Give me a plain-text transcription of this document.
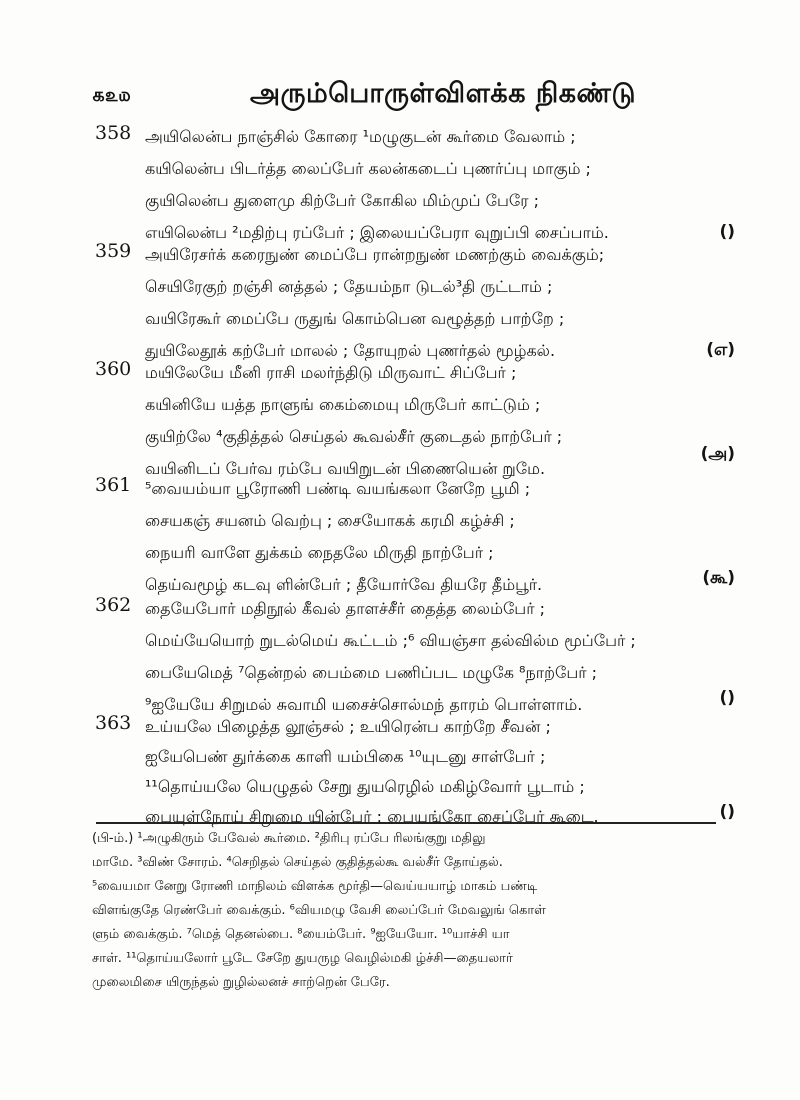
௧௨௰	அரும்பொருள்விளக்க நிகண்டு
358 அயிலென்ப நாஞ்சில் கோரை ¹மழுகுடன் கூர்மை வேலாம் ;
கயிலென்ப பிடர்த்த லைப்பேர் கலன்கடைப் புணர்ப்பு மாகும் ;
குயிலென்ப துளைமு கிற்பேர் கோகில மிம்முப் பேரே ;
எயிலென்ப ²மதிற்பு ரப்பேர் ; இலையப்பேரா வுறுப்பி சைப்பாம்.	()
359 அயிரேசர்க் கரைநுண் மைப்பே ரான்றநுண் மணற்கும் வைக்கும்;
செயிரேகுற் றஞ்சி னத்தல் ; தேயம்நா டுடல்³தி ருட்டாம் ;
வயிரேகூர் மைப்பே ருதுங் கொம்பென வழூத்தற் பாற்றே ;
துயிலேதூக் கற்பேர் மாலல் ; தோயுறல் புணர்தல் மூழ்கல்.	(எ)
360 மயிலேயே மீனி ராசி மலர்ந்திடு மிருவாட் சிப்பேர் ;
கயினியே யத்த நாளுங் கைம்மையு மிருபேர் காட்டும் ;
குயிற்லே ⁴குதித்தல் செய்தல் கூவல்சீர் குடைதல் நாற்பேர் ;
வயினிடப் பேர்வ ரம்பே வயிறுடன் பிணையென் றுமே.
(அ)
361 ⁵வையம்யா பூரோணி பண்டி வயங்கலா னேறே பூமி ;
சையகஞ் சயனம் வெற்பு ; சையோகக் கரமி கழ்ச்சி ;
நையரி வாளே துக்கம் நைதலே மிருதி நாற்பேர் ;
தெய்வமூழ் கடவு ளின்பேர் ; தீயோர்வே தியரே தீம்பூர்.	(கூ)
362 தையேபோர் மதிநூல் கீவல் தாளச்சீர் தைத்த லைம்பேர் ;
மெய்யேயொற் றுடல்மெய் கூட்டம் ;⁶ வியஞ்சா தல்வில்ம மூப்பேர் ;
பையேமெத் ⁷தென்றல் பைம்மை பணிப்பட மழுகே ⁸நாற்பேர் ;
⁹ஐயேயே சிறுமல் சுவாமி யசைச்சொல்மந் தாரம் பொள்ளாம்.	()
363 உய்யலே பிழைத்த லூஞ்சல் ; உயிரென்ப காற்றே சீவன் ;
ஐயேபெண் துர்க்கை காளி யம்பிகை ¹⁰யுடனு சாள்பேர் ;
¹¹தொய்யலே யெழுதல் சேறு துயரெழில் மகிழ்வோர் பூடாம் ;
பையுள்நோய் சிறுமை யின்பேர் ; பையங்கோ சைப்பேர் கூடை.	()
(பி-ம்.) ¹அழுகிரும் பேவேல் கூர்மை. ²திரிபு ரப்பே ரிலங்குறு மதிலு
மாமே. ³விண் சோரம். ⁴செறிதல் செய்தல் குதித்தல்கூ வல்சீர் தோய்தல்.
⁵வையமா னேறு ரோணி மாநிலம் விளக்க மூர்தி—வெய்யயாழ் மாகம் பண்டி
விளங்குதே ரெண்பேர் வைக்கும். ⁶வியமழு வேசி லைப்பேர் மேவலுங் கொள்
ளும் வைக்கும். ⁷மெத் தெனல்பை. ⁸யைம்பேர். ⁹ஐயேயோ. ¹⁰யாச்சி யா
சாள். ¹¹தொய்யலோர் பூடே சேறே துயருழ வெழில்மகி ழ்ச்சி—தையலார்
முலைமிசை யிருந்தல் றுழில்லனச் சாற்றென் பேரே.
